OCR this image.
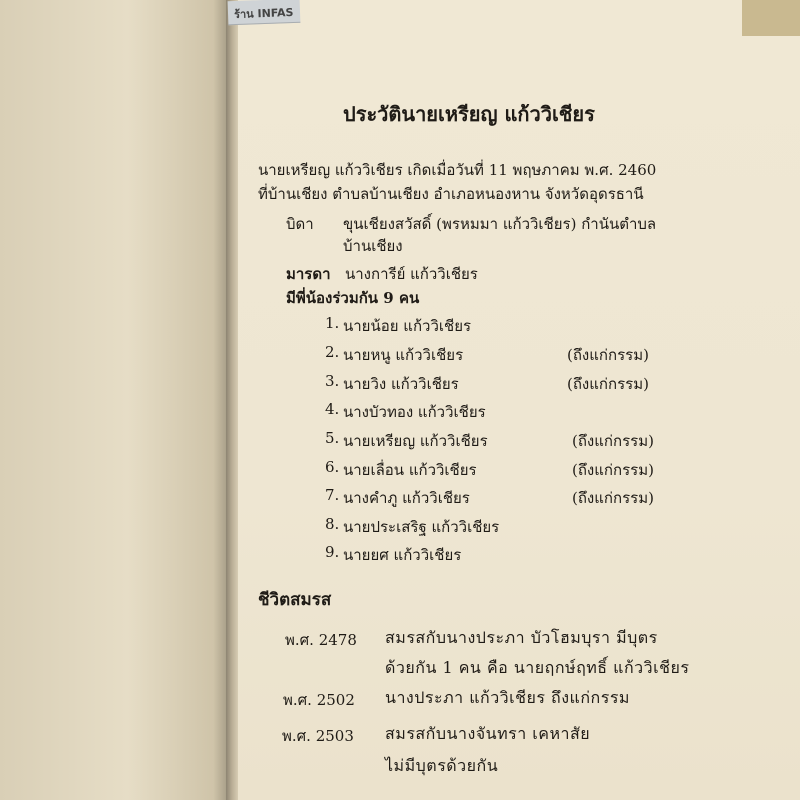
ร้าน INFAS
ประวัตินายเหรียญ แก้ววิเชียร
นายเหรียญ แก้ววิเชียร เกิดเมื่อวันที่ 11 พฤษภาคม พ.ศ. 2460
ที่บ้านเชียง ตำบลบ้านเชียง อำเภอหนองหาน จังหวัดอุดรธานี
บิดา ขุนเชียงสวัสดิ์ (พรหมมา แก้ววิเชียร) กำนันตำบล
บ้านเชียง
มารดา นางการีย์ แก้ววิเชียร
มีพี่น้องร่วมกัน 9 คน
1. นายน้อย แก้ววิเชียร
2. นายหนู แก้ววิเชียร	(ถึงแก่กรรม)
3. นายวิง แก้ววิเชียร	(ถึงแก่กรรม)
4. นางบัวทอง แก้ววิเชียร
5. นายเหรียญ แก้ววิเชียร	(ถึงแก่กรรม)
6. นายเลื่อน แก้ววิเชียร	(ถึงแก่กรรม)
7. นางคำภู แก้ววิเชียร	(ถึงแก่กรรม)
8. นายประเสริฐ แก้ววิเชียร
9. นายยศ แก้ววิเชียร
ชีวิตสมรส
พ.ศ. 2478 สมรสกับนางประภา บัวโฮมบุรา มีบุตร
ด้วยกัน 1 คน คือ นายฤกษ์ฤทธิ์ แก้ววิเชียร
พ.ศ. 2502 นางประภา แก้ววิเชียร ถึงแก่กรรม
พ.ศ. 2503 สมรสกับนางจันทรา เคหาสัย
ไม่มีบุตรด้วยกัน
